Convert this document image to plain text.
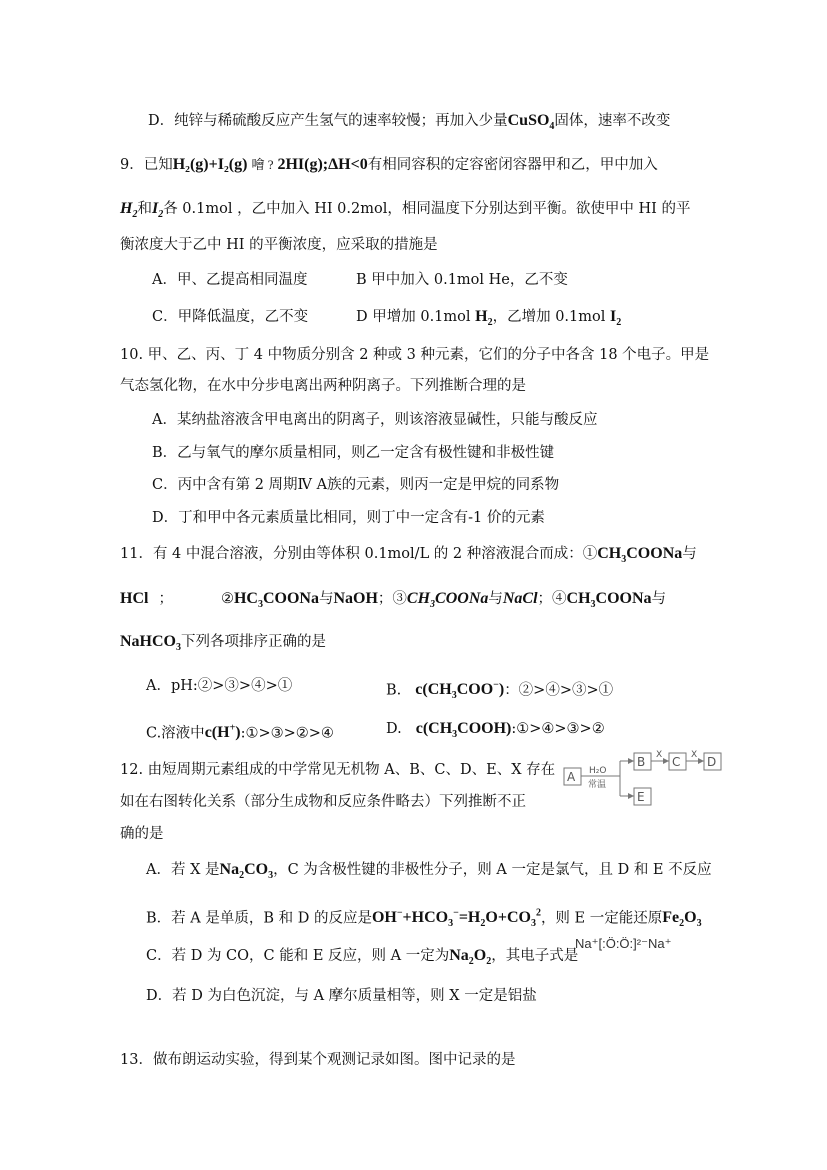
D．纯锌与稀硫酸反应产生氢气的速率较慢；再加入少量CuSO$_4$固体，速率不改变
9．已知H₂(g)+I₂(g) 噲 ? 2HI(g);ΔH<0有相同容积的定容密闭容器甲和乙，甲中加入
$H_2$和$I_2$各 0.1mol ，乙中加入 HI 0.2mol，相同温度下分别达到平衡。欲使甲中 HI 的平
衡浓度大于乙中 HI 的平衡浓度，应采取的措施是
A．甲、乙提高相同温度	B 甲中加入 0.1mol He，乙不变
C．甲降低温度，乙不变	D 甲增加 0.1mol $H_2$，乙增加 0.1mol $I_2$
10. 甲、乙、丙、丁 4 中物质分别含 2 种或 3 种元素，它们的分子中各含 18 个电子。甲是
气态氢化物，在水中分步电离出两种阴离子。下列推断合理的是
A．某纳盐溶液含甲电离出的阴离子，则该溶液显碱性，只能与酸反应
B．乙与氧气的摩尔质量相同，则乙一定含有极性键和非极性键
C．丙中含有第 2 周期Ⅳ A族的元素，则丙一定是甲烷的同系物
D．丁和甲中各元素质量比相同，则丁中一定含有-1 价的元素
11．有 4 中混合溶液，分别由等体积 0.1mol/L 的 2 种溶液混合而成：$①CH_3COONa$与
HCl ；	$②HC_3COONa$与NaOH；$③CH_3COONa$与NaCl；$④CH_3COONa$与
NaHCO$_3$下列各项排序正确的是
A．pH:②>③>④>①	B. $c(CH_3COO^-)$：②>④>③>①
C.溶液中c(H+):①>③>②>④	D. $c(CH_3COOH):①>④>③>②$
12. 由短周期元素组成的中学常见无机物 A、B、C、D、E、X 存在
如在右图转化关系（部分生成物和反应条件略去）下列推断不正
确的是
A
B C D
E
H₂O
常温
X	X
A．若 X 是$Na_2CO_3$，C 为含极性键的非极性分子，则 A 一定是氯气，且 D 和 E 不反应
B．若 A 是单质，B 和 D 的反应是$OH^-+HCO_3^-=H_2O+CO_3^2$，则 E 一定能还原$Fe_2O_3$
C．若 D 为 CO，C 能和 E 反应，则 A 一定为$Na_2O_2$，其电子式是
Na⁺[:Ö:Ö:]²⁻Na⁺
D．若 D 为白色沉淀，与 A 摩尔质量相等，则 X 一定是铝盐
13．做布朗运动实验，得到某个观测记录如图。图中记录的是
